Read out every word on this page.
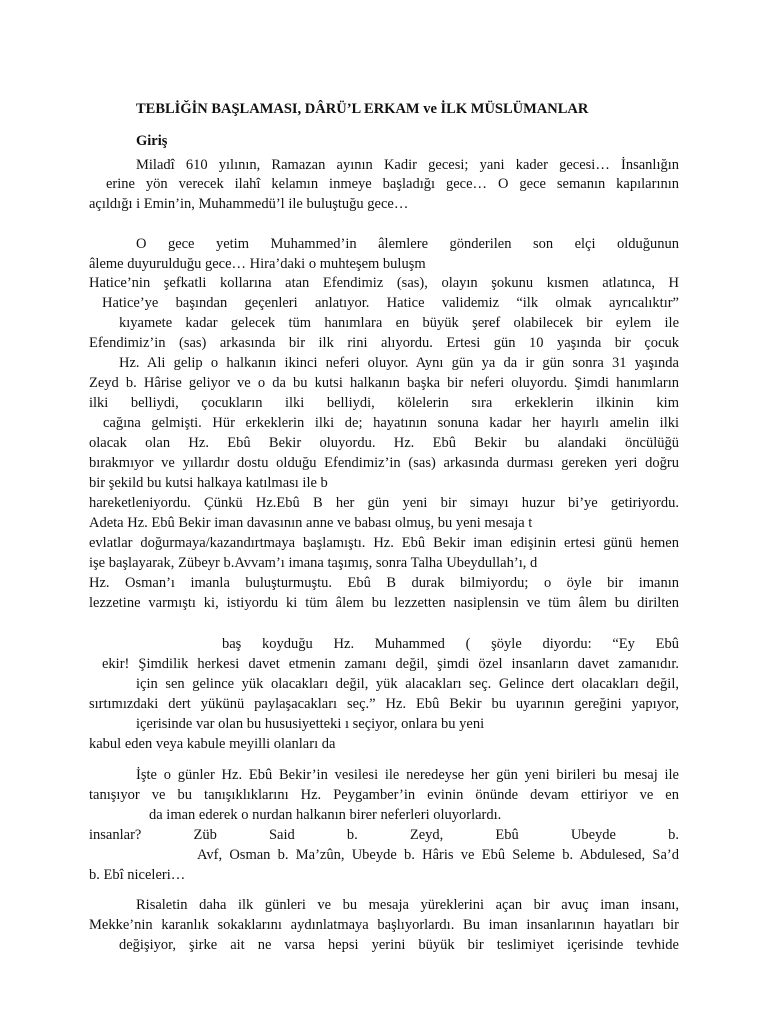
TEBLİĞİN BAŞLAMASI, DÂRÜ’L ERKAM ve İLK MÜSLÜMANLAR
Giriş
Miladî 610 yılının, Ramazan ayının Kadir gecesi; yani kader gecesi… İnsanlığın
erine yön verecek ilahî kelamın inmeye başladığı gece… O gece semanın kapılarının
açıldığı i Emin’in, Muhammedü’l ile buluştuğu gece…
O gece yetim Muhammed’in âlemlere gönderilen son elçi olduğunun
âleme duyurulduğu gece… Hira’daki o muhteşem buluşm
Hatice’nin şefkatli kollarına atan Efendimiz (sas), olayın şokunu kısmen atlatınca, H
Hatice’ye başından geçenleri anlatıyor. Hatice validemiz “ilk olmak ayrıcalıktır”
kıyamete kadar gelecek tüm hanımlara en büyük şeref olabilecek bir eylem ile
Efendimiz’in (sas) arkasında bir ilk rini alıyordu. Ertesi gün 10 yaşında bir çocuk
Hz. Ali gelip o halkanın ikinci neferi oluyor. Aynı gün ya da ir gün sonra 31 yaşında
Zeyd b. Hârise geliyor ve o da bu kutsi halkanın başka bir neferi oluyordu. Şimdi hanımların
ilki belliydi, çocukların ilki belliydi, kölelerin sıra erkeklerin ilkinin kim
cağına gelmişti. Hür erkeklerin ilki de; hayatının sonuna kadar her hayırlı amelin ilki
olacak olan Hz. Ebû Bekir oluyordu. Hz. Ebû Bekir bu alandaki öncülüğü
bırakmıyor ve yıllardır dostu olduğu Efendimiz’in (sas) arkasında durması gereken yeri doğru
bir şekild bu kutsi halkaya katılması ile b
hareketleniyordu. Çünkü Hz.Ebû B her gün yeni bir simayı huzur bi’ye getiriyordu.
Adeta Hz. Ebû Bekir iman davasının anne ve babası olmuş, bu yeni mesaja t
evlatlar doğurmaya/kazandırtmaya başlamıştı. Hz. Ebû Bekir iman edişinin ertesi günü hemen
işe başlayarak, Zübeyr b.Avvam’ı imana taşımış, sonra Talha Ubeydullah’ı, d
Hz. Osman’ı imanla buluşturmuştu. Ebû B durak bilmiyordu; o öyle bir imanın
lezzetine varmıştı ki, istiyordu ki tüm âlem bu lezzetten nasiplensin ve tüm âlem bu dirilten
baş koyduğu Hz. Muhammed ( şöyle diyordu: “Ey Ebû
ekir! Şimdilik herkesi davet etmenin zamanı değil, şimdi özel insanların davet zamanıdır.
için sen gelince yük olacakları değil, yük alacakları seç. Gelince dert olacakları değil,
sırtımızdaki dert yükünü paylaşacakları seç.” Hz. Ebû Bekir bu uyarının gereğini yapıyor,
içerisinde var olan bu hususiyetteki ı seçiyor, onlara bu yeni
kabul eden veya kabule meyilli olanları da
İşte o günler Hz. Ebû Bekir’in vesilesi ile neredeyse her gün yeni birileri bu mesaj ile
tanışıyor ve bu tanışıklıklarını Hz. Peygamber’in evinin önünde devam ettiriyor ve en
da iman ederek o nurdan halkanın birer neferleri oluyorlardı.
insanlar? Züb Said b. Zeyd, Ebû Ubeyde b.
Avf, Osman b. Ma’zûn, Ubeyde b. Hâris ve Ebû Seleme b. Abdulesed, Sa’d
b. Ebî niceleri…
Risaletin daha ilk günleri ve bu mesaja yüreklerini açan bir avuç iman insanı,
Mekke’nin karanlık sokaklarını aydınlatmaya başlıyorlardı. Bu iman insanlarının hayatları bir
değişiyor, şirke ait ne varsa hepsi yerini büyük bir teslimiyet içerisinde tevhide
